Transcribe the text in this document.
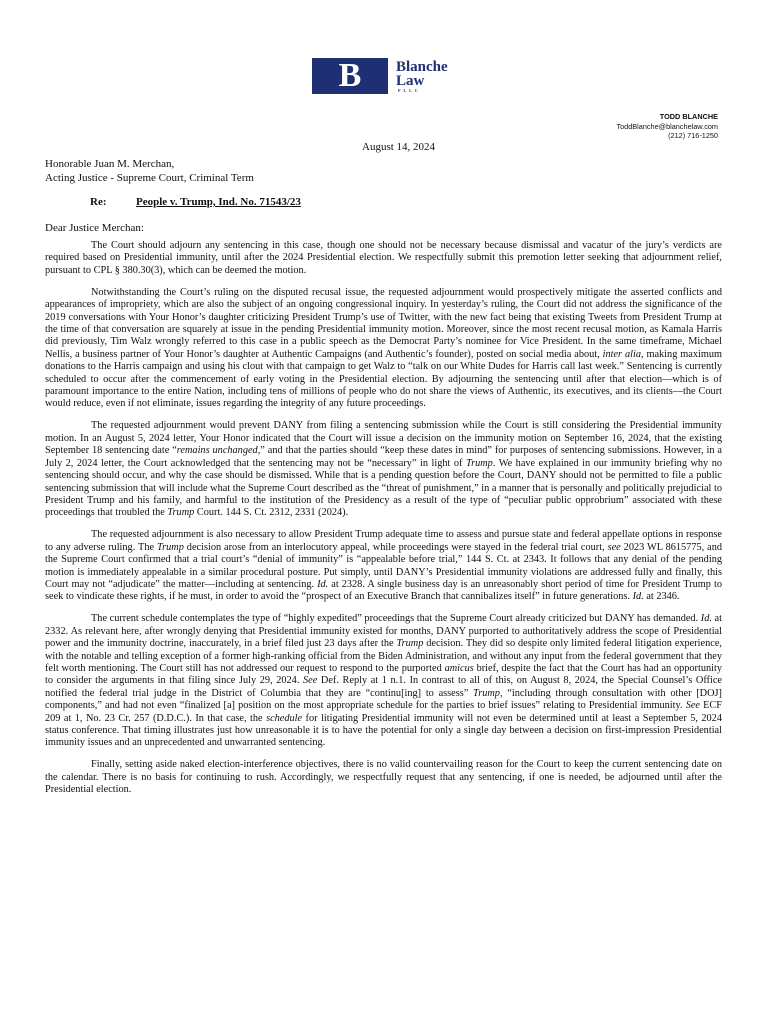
B	Blanche
Law
PLLC
TODD BLANCHE
ToddBlanche@blanchelaw.com
(212) 716-1250
August 14, 2024
Honorable Juan M. Merchan,
Acting Justice - Supreme Court, Criminal Term
Re:	People v. Trump, Ind. No. 71543/23
Dear Justice Merchan:

The Court should adjourn any sentencing in this case, though one should not be necessary because dismissal and vacatur of the jury’s verdicts are required based on Presidential immunity, until after the 2024 Presidential election. We respectfully submit this premotion letter seeking that adjournment relief, pursuant to CPL § 380.30(3), which can be deemed the motion.

Notwithstanding the Court’s ruling on the disputed recusal issue, the requested adjournment would prospectively mitigate the asserted conflicts and appearances of impropriety, which are also the subject of an ongoing congressional inquiry. In yesterday’s ruling, the Court did not address the significance of the 2019 conversations with Your Honor’s daughter criticizing President Trump’s use of Twitter, with the new fact being that existing Tweets from President Trump at the time of that conversation are squarely at issue in the pending Presidential immunity motion. Moreover, since the most recent recusal motion, as Kamala Harris did previously, Tim Walz wrongly referred to this case in a public speech as the Democrat Party’s nominee for Vice President. In the same timeframe, Michael Nellis, a business partner of Your Honor’s daughter at Authentic Campaigns (and Authentic’s founder), posted on social media about, inter alia, making maximum donations to the Harris campaign and using his clout with that campaign to get Walz to “talk on our White Dudes for Harris call last week.” Sentencing is currently scheduled to occur after the commencement of early voting in the Presidential election. By adjourning the sentencing until after that election—which is of paramount importance to the entire Nation, including tens of millions of people who do not share the views of Authentic, its executives, and its clients—the Court would reduce, even if not eliminate, issues regarding the integrity of any future proceedings.

The requested adjournment would prevent DANY from filing a sentencing submission while the Court is still considering the Presidential immunity motion. In an August 5, 2024 letter, Your Honor indicated that the Court will issue a decision on the immunity motion on September 16, 2024, that the existing September 18 sentencing date “remains unchanged,” and that the parties should “keep these dates in mind” for purposes of sentencing submissions. However, in a July 2, 2024 letter, the Court acknowledged that the sentencing may not be “necessary” in light of Trump. We have explained in our immunity briefing why no sentencing should occur, and why the case should be dismissed. While that is a pending question before the Court, DANY should not be permitted to file a public sentencing submission that will include what the Supreme Court described as the “threat of punishment,” in a manner that is personally and politically prejudicial to President Trump and his family, and harmful to the institution of the Presidency as a result of the type of “peculiar public opprobrium” associated with these proceedings that troubled the Trump Court. 144 S. Ct. 2312, 2331 (2024).

The requested adjournment is also necessary to allow President Trump adequate time to assess and pursue state and federal appellate options in response to any adverse ruling. The Trump decision arose from an interlocutory appeal, while proceedings were stayed in the federal trial court, see 2023 WL 8615775, and the Supreme Court confirmed that a trial court’s “denial of immunity” is “appealable before trial,” 144 S. Ct. at 2343. It follows that any denial of the pending motion is immediately appealable in a similar procedural posture. Put simply, until DANY’s Presidential immunity violations are addressed fully and finally, this Court may not “adjudicate” the matter—including at sentencing. Id. at 2328. A single business day is an unreasonably short period of time for President Trump to seek to vindicate these rights, if he must, in order to avoid the “prospect of an Executive Branch that cannibalizes itself” in future generations. Id. at 2346.

The current schedule contemplates the type of “highly expedited” proceedings that the Supreme Court already criticized but DANY has demanded. Id. at 2332. As relevant here, after wrongly denying that Presidential immunity existed for months, DANY purported to authoritatively address the scope of Presidential power and the immunity doctrine, inaccurately, in a brief filed just 23 days after the Trump decision. They did so despite only limited federal litigation experience, with the notable and telling exception of a former high-ranking official from the Biden Administration, and without any input from the federal government that they felt worth mentioning. The Court still has not addressed our request to respond to the purported amicus brief, despite the fact that the Court has had an opportunity to consider the arguments in that filing since July 29, 2024. See Def. Reply at 1 n.1. In contrast to all of this, on August 8, 2024, the Special Counsel’s Office notified the federal trial judge in the District of Columbia that they are “continu[ing] to assess” Trump, “including through consultation with other [DOJ] components,” and had not even “finalized [a] position on the most appropriate schedule for the parties to brief issues” relating to Presidential immunity. See ECF 209 at 1, No. 23 Cr. 257 (D.D.C.). In that case, the schedule for litigating Presidential immunity will not even be determined until at least a September 5, 2024 status conference. That timing illustrates just how unreasonable it is to have the potential for only a single day between a decision on first-impression Presidential immunity issues and an unprecedented and unwarranted sentencing.

Finally, setting aside naked election-interference objectives, there is no valid countervailing reason for the Court to keep the current sentencing date on the calendar. There is no basis for continuing to rush. Accordingly, we respectfully request that any sentencing, if one is needed, be adjourned until after the Presidential election.
